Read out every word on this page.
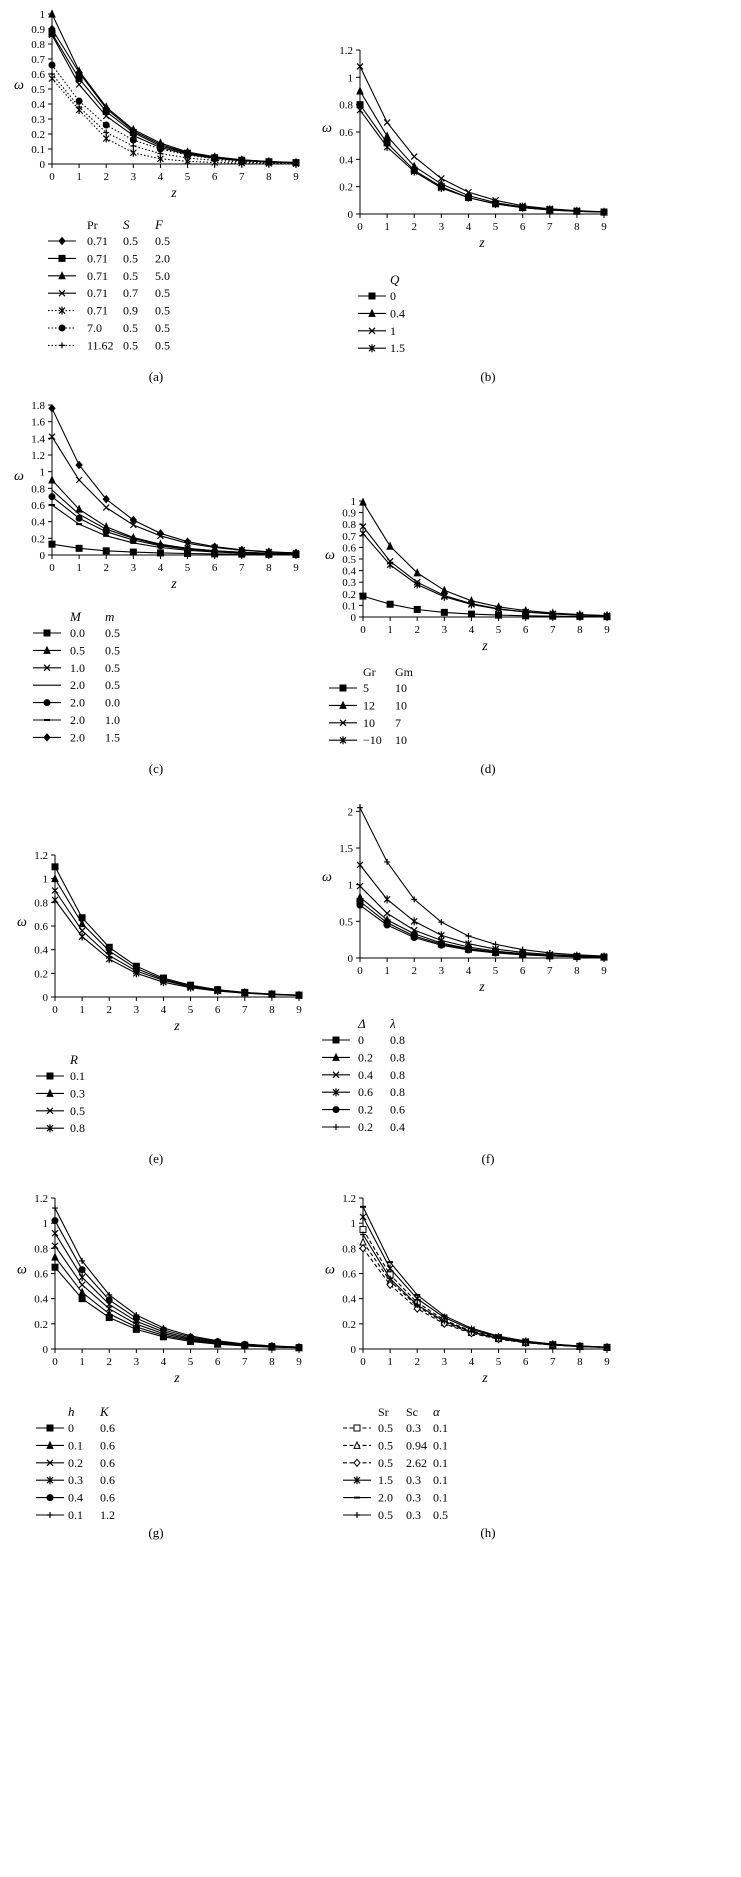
0 1 2 3 4 5 6 7 8 9
0
0.1
0.2
0.3
0.4
0.5
0.6
0.7
0.8
0.9
1
z
ω
Pr S F
0.71 0.5 0.5
0.71 0.5 2.0
0.71 0.5 5.0
0.71 0.7 0.5
0.71 0.9 0.5
7.0 0.5 0.5
11.62 0.5 0.5
(a)
0 1 2 3 4 5 6 7 8 9
0
0.2
0.4
0.6
0.8
1
1.2
z
ω
Q
0
0.4
1
1.5
(b)
0 1 2 3 4 5 6 7 8 9
0
0.2
0.4
0.6
0.8
1
1.2
1.4
1.6
1.8
z
ω
M m
0.0 0.5
0.5 0.5
1.0 0.5
2.0 0.5
2.0 0.0
2.0 1.0
2.0 1.5
(c)
0 1 2 3 4 5 6 7 8 9
0
0.1
0.2
0.3
0.4
0.5
0.6
0.7
0.8
0.9
1
z
ω
Gr Gm
5 10
12 10
10 7
−10 10
(d)
0 1 2 3 4 5 6 7 8 9
0
0.2
0.4
0.6
0.8
1
1.2
z
ω
R
0.1
0.3
0.5
0.8
(e)
0 1 2 3 4 5 6 7 8 9
0
0.5
1
1.5
2
z
ω
Δ λ
0 0.8
0.2 0.8
0.4 0.8
0.6 0.8
0.2 0.6
0.2 0.4
(f)
0 1 2 3 4 5 6 7 8 9
0
0.2
0.4
0.6
0.8
1
1.2
z
ω
h K
0 0.6
0.1 0.6
0.2 0.6
0.3 0.6
0.4 0.6
0.1 1.2
(g)
0 1 2 3 4 5 6 7 8 9
0
0.2
0.4
0.6
0.8
1
1.2
z
ω
Sr Sc α
0.5 0.3 0.1
0.5 0.94 0.1
0.5 2.62 0.1
1.5 0.3 0.1
2.0 0.3 0.1
0.5 0.3 0.5
(h)
